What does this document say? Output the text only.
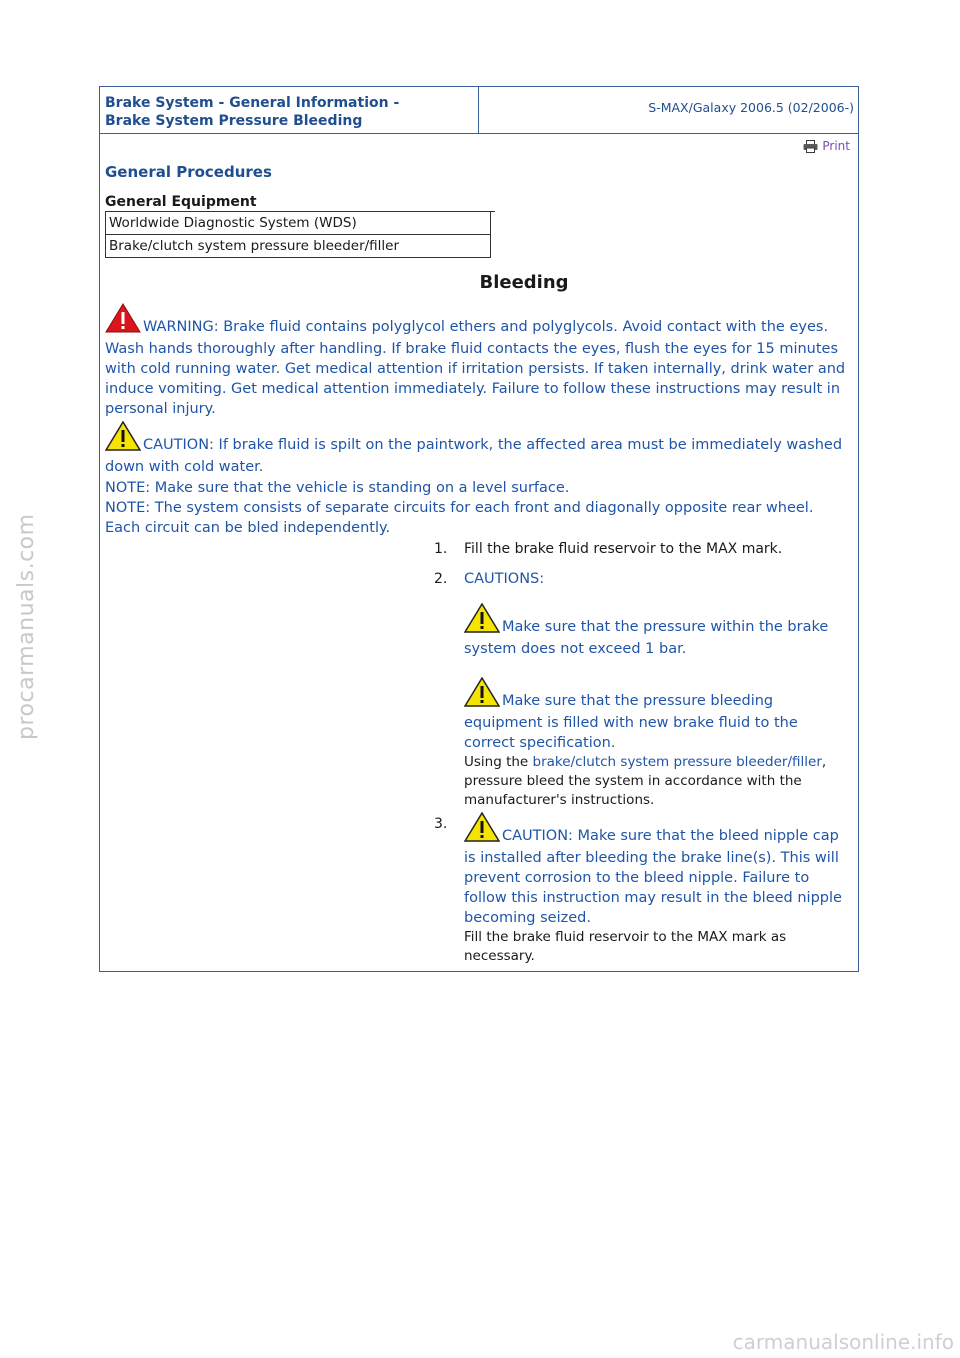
Brake System - General Information -
Brake System Pressure Bleeding
S-MAX/Galaxy 2006.5 (02/2006-)
Print
General Procedures
General Equipment
Worldwide Diagnostic System (WDS)
Brake/clutch system pressure bleeder/filler
Bleeding
WARNING: Brake fluid contains polyglycol ethers and polyglycols. Avoid contact with the eyes. Wash hands thoroughly after handling. If brake fluid contacts the eyes, flush the eyes for 15 minutes with cold running water. Get medical attention if irritation persists. If taken internally, drink water and induce vomiting. Get medical attention immediately. Failure to follow these instructions may result in personal injury.
CAUTION: If brake fluid is spilt on the paintwork, the affected area must be immediately washed down with cold water.
NOTE: Make sure that the vehicle is standing on a level surface.
NOTE: The system consists of separate circuits for each front and diagonally opposite rear wheel. Each circuit can be bled independently.
1. Fill the brake fluid reservoir to the MAX mark.
2. CAUTIONS:
Make sure that the pressure within the brake system does not exceed 1 bar.
Make sure that the pressure bleeding equipment is filled with new brake fluid to the correct specification.
Using the brake/clutch system pressure bleeder/filler, pressure bleed the system in accordance with the manufacturer's instructions.
3.
CAUTION: Make sure that the bleed nipple cap is installed after bleeding the brake line(s). This will prevent corrosion to the bleed nipple. Failure to follow this instruction may result in the bleed nipple becoming seized.
Fill the brake fluid reservoir to the MAX mark as necessary.
procarmanuals.com
carmanualsonline.info
